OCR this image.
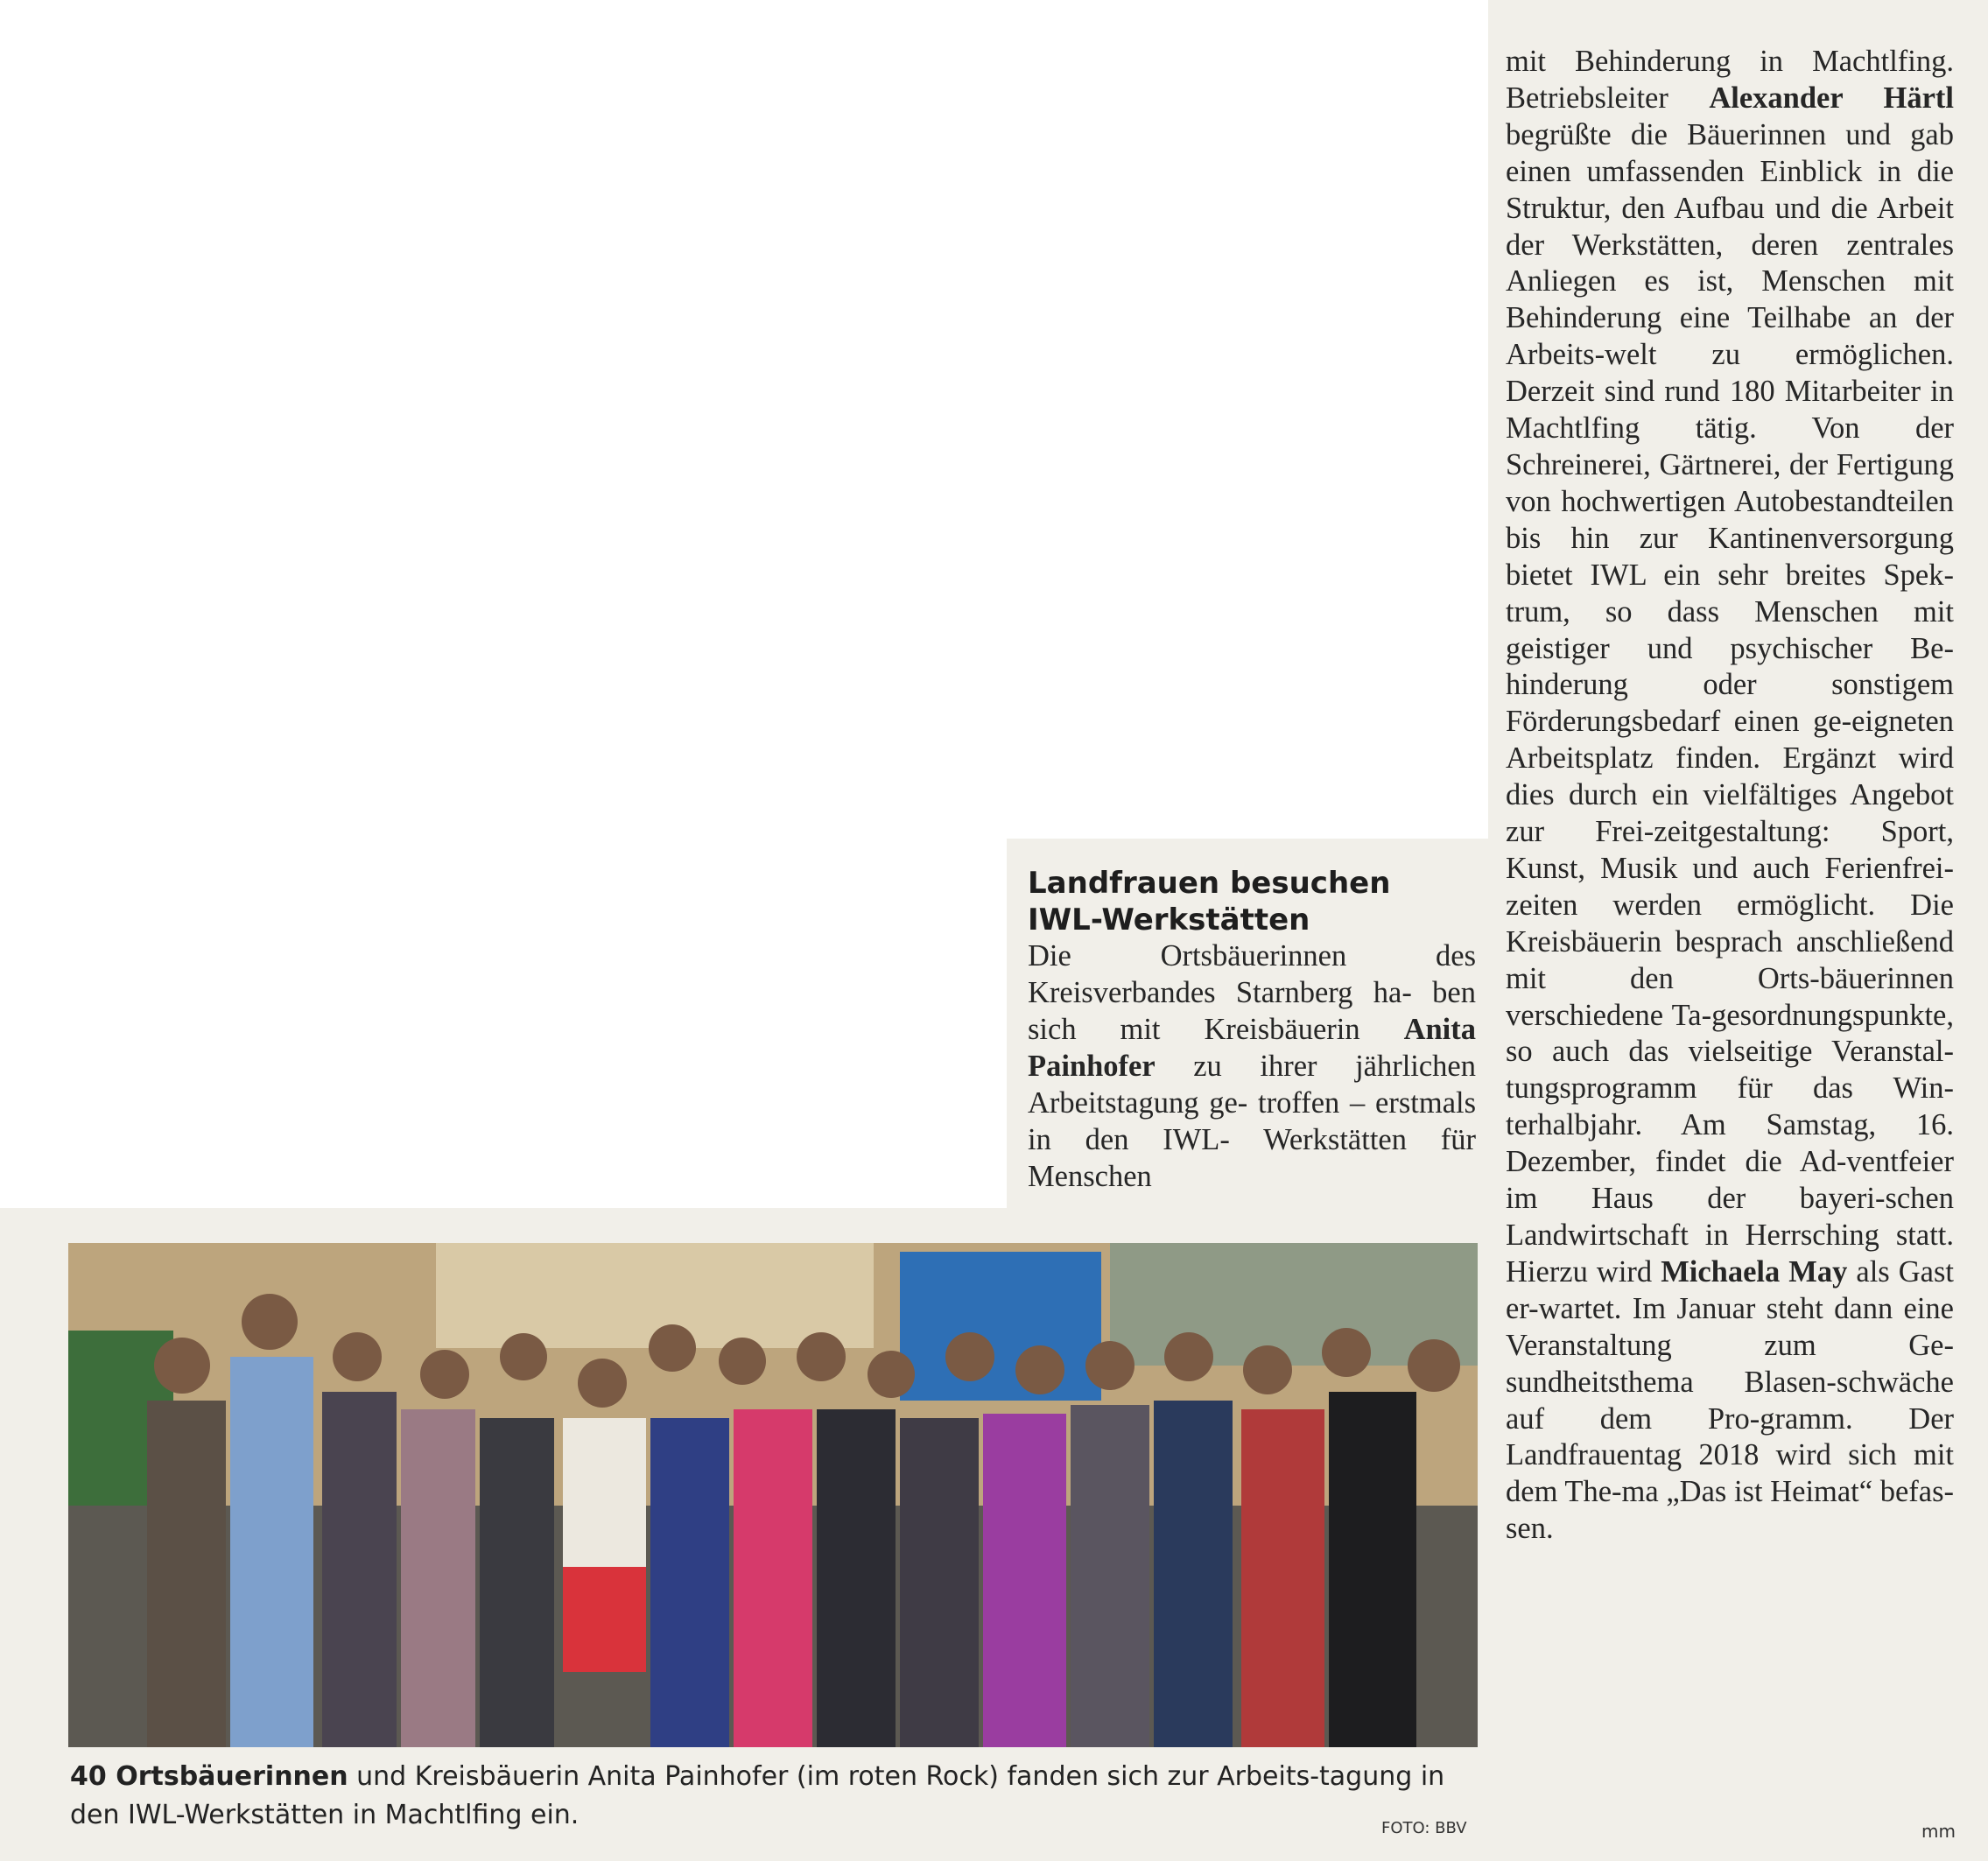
mit Behinderung in Machtlfing. Betriebsleiter Alexander Härtl begrüßte die Bäuerinnen und gab einen umfassenden Einblick in die Struktur, den Aufbau und die Arbeit der Werkstätten, deren zentrales Anliegen es ist, Menschen mit Behinderung eine Teilhabe an der Arbeits-welt zu ermöglichen. Derzeit sind rund 180 Mitarbeiter in Machtlfing tätig. Von der Schreinerei, Gärtnerei, der Fertigung von hochwertigen Autobestandteilen bis hin zur Kantinenversorgung bietet IWL ein sehr breites Spek-trum, so dass Menschen mit geistiger und psychischer Be-hinderung oder sonstigem Förderungsbedarf einen ge-eigneten Arbeitsplatz finden. Ergänzt wird dies durch ein vielfältiges Angebot zur Frei-zeitgestaltung: Sport, Kunst, Musik und auch Ferienfrei-zeiten werden ermöglicht. Die Kreisbäuerin besprach anschließend mit den Orts-bäuerinnen verschiedene Ta-gesordnungspunkte, so auch das vielseitige Veranstal-tungsprogramm für das Win-terhalbjahr. Am Samstag, 16. Dezember, findet die Ad-ventfeier im Haus der bayeri-schen Landwirtschaft in Herrsching statt. Hierzu wird Michaela May als Gast er-wartet. Im Januar steht dann eine Veranstaltung zum Ge-sundheitsthema Blasen-schwäche auf dem Pro-gramm. Der Landfrauentag 2018 wird sich mit dem The-ma „Das ist Heimat“ befas-sen.

Landfrauen besuchen
IWL-Werkstätten

Die Ortsbäuerinnen des Kreisverbandes Starnberg ha- ben sich mit Kreisbäuerin Anita Painhofer zu ihrer jährlichen Arbeitstagung ge- troffen – erstmals in den IWL- Werkstätten für Menschen

40 Ortsbäuerinnen und Kreisbäuerin Anita Painhofer (im roten Rock) fanden sich zur Arbeits-tagung in den IWL-Werkstätten in Machtlfing ein.	FOTO: BBV	mm
